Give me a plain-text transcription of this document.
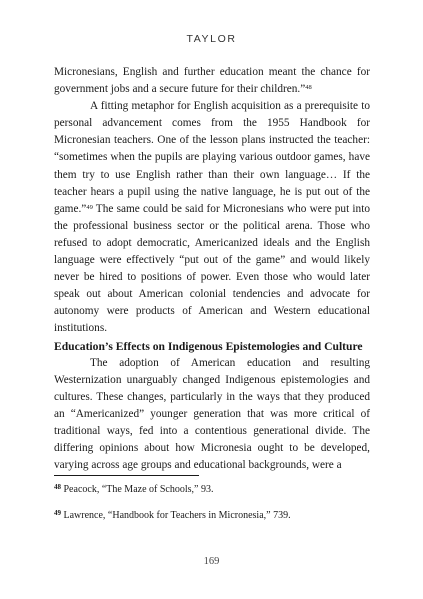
TAYLOR

Micronesians, English and further education meant the chance for government jobs and a secure future for their children.”$^{48}$

A fitting metaphor for English acquisition as a prerequisite to personal advancement comes from the 1955 Handbook for Micronesian teachers. One of the lesson plans instructed the teacher: “sometimes when the pupils are playing various outdoor games, have them try to use English rather than their own language… If the teacher hears a pupil using the native language, he is put out of the game.”$^{49}$ The same could be said for Micronesians who were put into the professional business sector or the political arena. Those who refused to adopt democratic, Americanized ideals and the English language were effectively “put out of the game” and would likely never be hired to positions of power. Even those who would later speak out about American colonial tendencies and advocate for autonomy were products of American and Western educational institutions.

Education’s Effects on Indigenous Epistemologies and Culture

The adoption of American education and resulting Westernization unarguably changed Indigenous epistemologies and cultures. These changes, particularly in the ways that they produced an “Americanized” younger generation that was more critical of traditional ways, fed into a contentious generational divide. The differing opinions about how Micronesia ought to be developed, varying across age groups and educational backgrounds, were a

$^{48}$ Peacock, “The Maze of Schools,” 93.

$^{49}$ Lawrence, “Handbook for Teachers in Micronesia,” 739.

169
